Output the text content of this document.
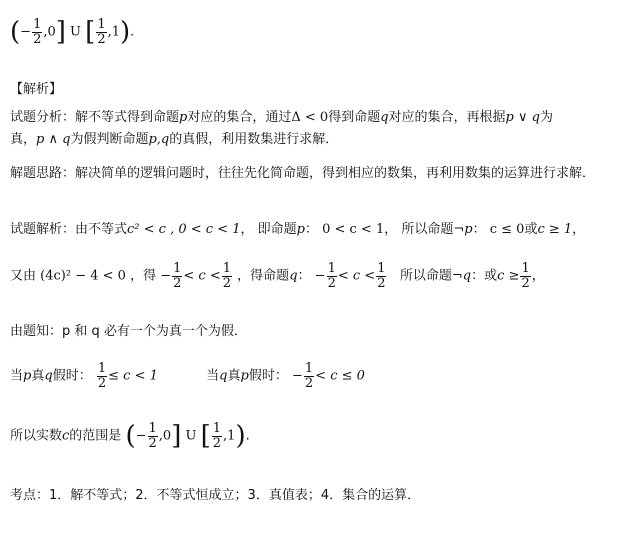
(− $\frac{1}{2} ,0$] U [ $\frac{1}{2} ,1$).
【解析】
试题分析：解不等式得到命题p对应的集合，通过Δ < 0得到命题q对应的集合，再根据p ∨ q为
真，p ∧ q为假判断命题p,q的真假，利用数集进行求解．
解题思路：解决简单的逻辑问题时，往往先化简命题，得到相应的数集，再利用数集的运算进行求解．
试题解析：由不等式c² < c , 0 < c < 1， 即命题p： 0 < c < 1， 所以命题¬p： c ≤ 0或c ≥ 1，
又由 (4c)² − 4 < 0 ，得 − $\frac{1}{2} < c < \frac{1}{2}$ ，得命题q： − $\frac{1}{2} < c < \frac{1}{2}$ 所以命题¬q：或$c \ge \frac{1}{2}$ ，
由题知：p 和 q 必有一个为真一个为假．
当p真q假时： $\frac{1}{2} \le c < 1$	当q真p假时： − $\frac{1}{2} < c \le 0$
所以实数c的范围是 (− $\frac{1}{2} ,0$] U [ $\frac{1}{2} ,1$).
考点：1．解不等式；2．不等式恒成立；3．真值表；4．集合的运算．
